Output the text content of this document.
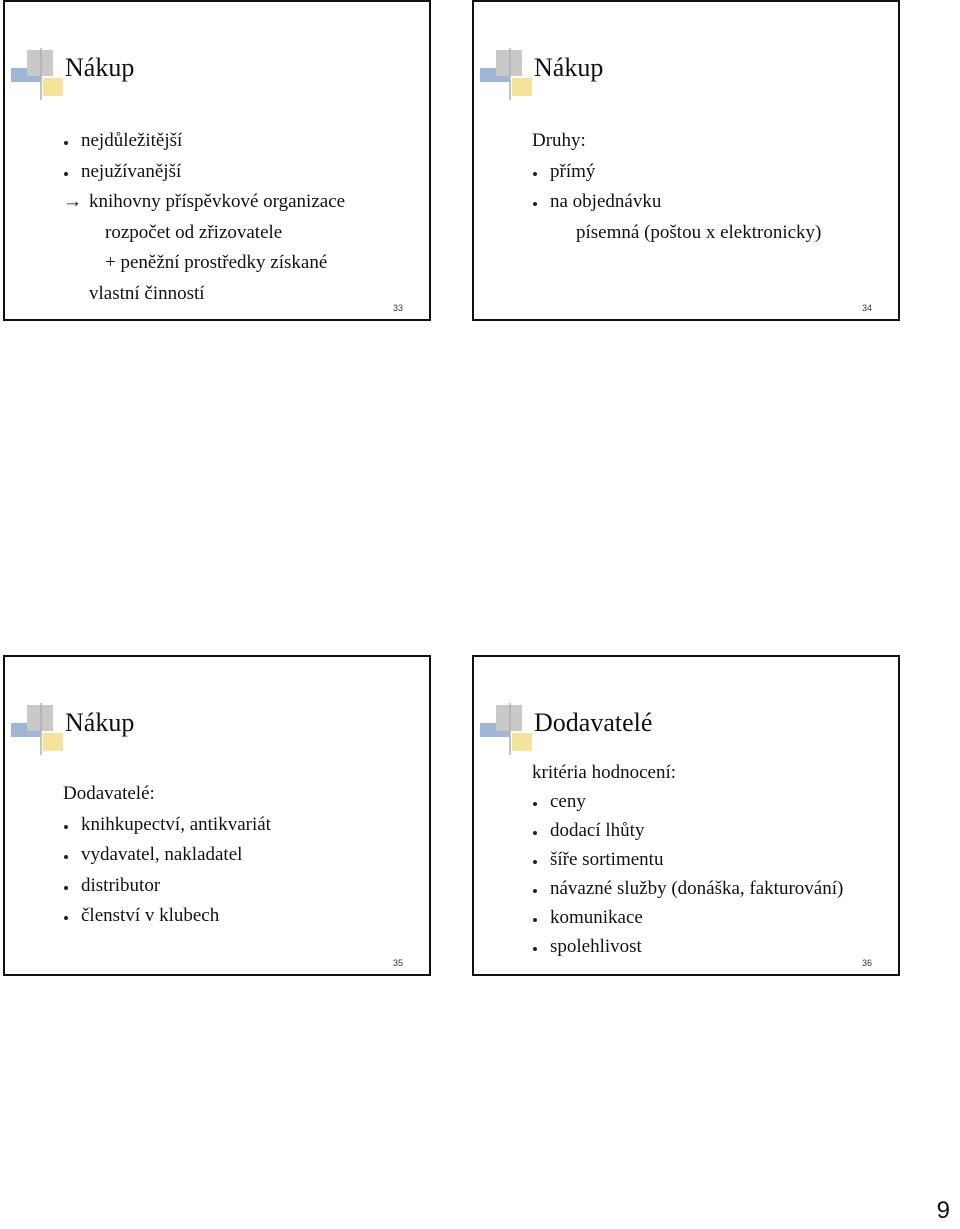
Nákup
nejdůležitější
nejužívanější
→ knihovny příspěvkové organizace
rozpočet od zřizovatele
+ peněžní prostředky získané
vlastní činností
33
Nákup
Druhy:
přímý
na objednávku
písemná (poštou x elektronicky)
34
Nákup
Dodavatelé:
knihkupectví, antikvariát
vydavatel, nakladatel
distributor
členství v klubech
35
Dodavatelé
kritéria hodnocení:
ceny
dodací lhůty
šíře sortimentu
návazné služby (donáška, fakturování)
komunikace
spolehlivost
36
9
